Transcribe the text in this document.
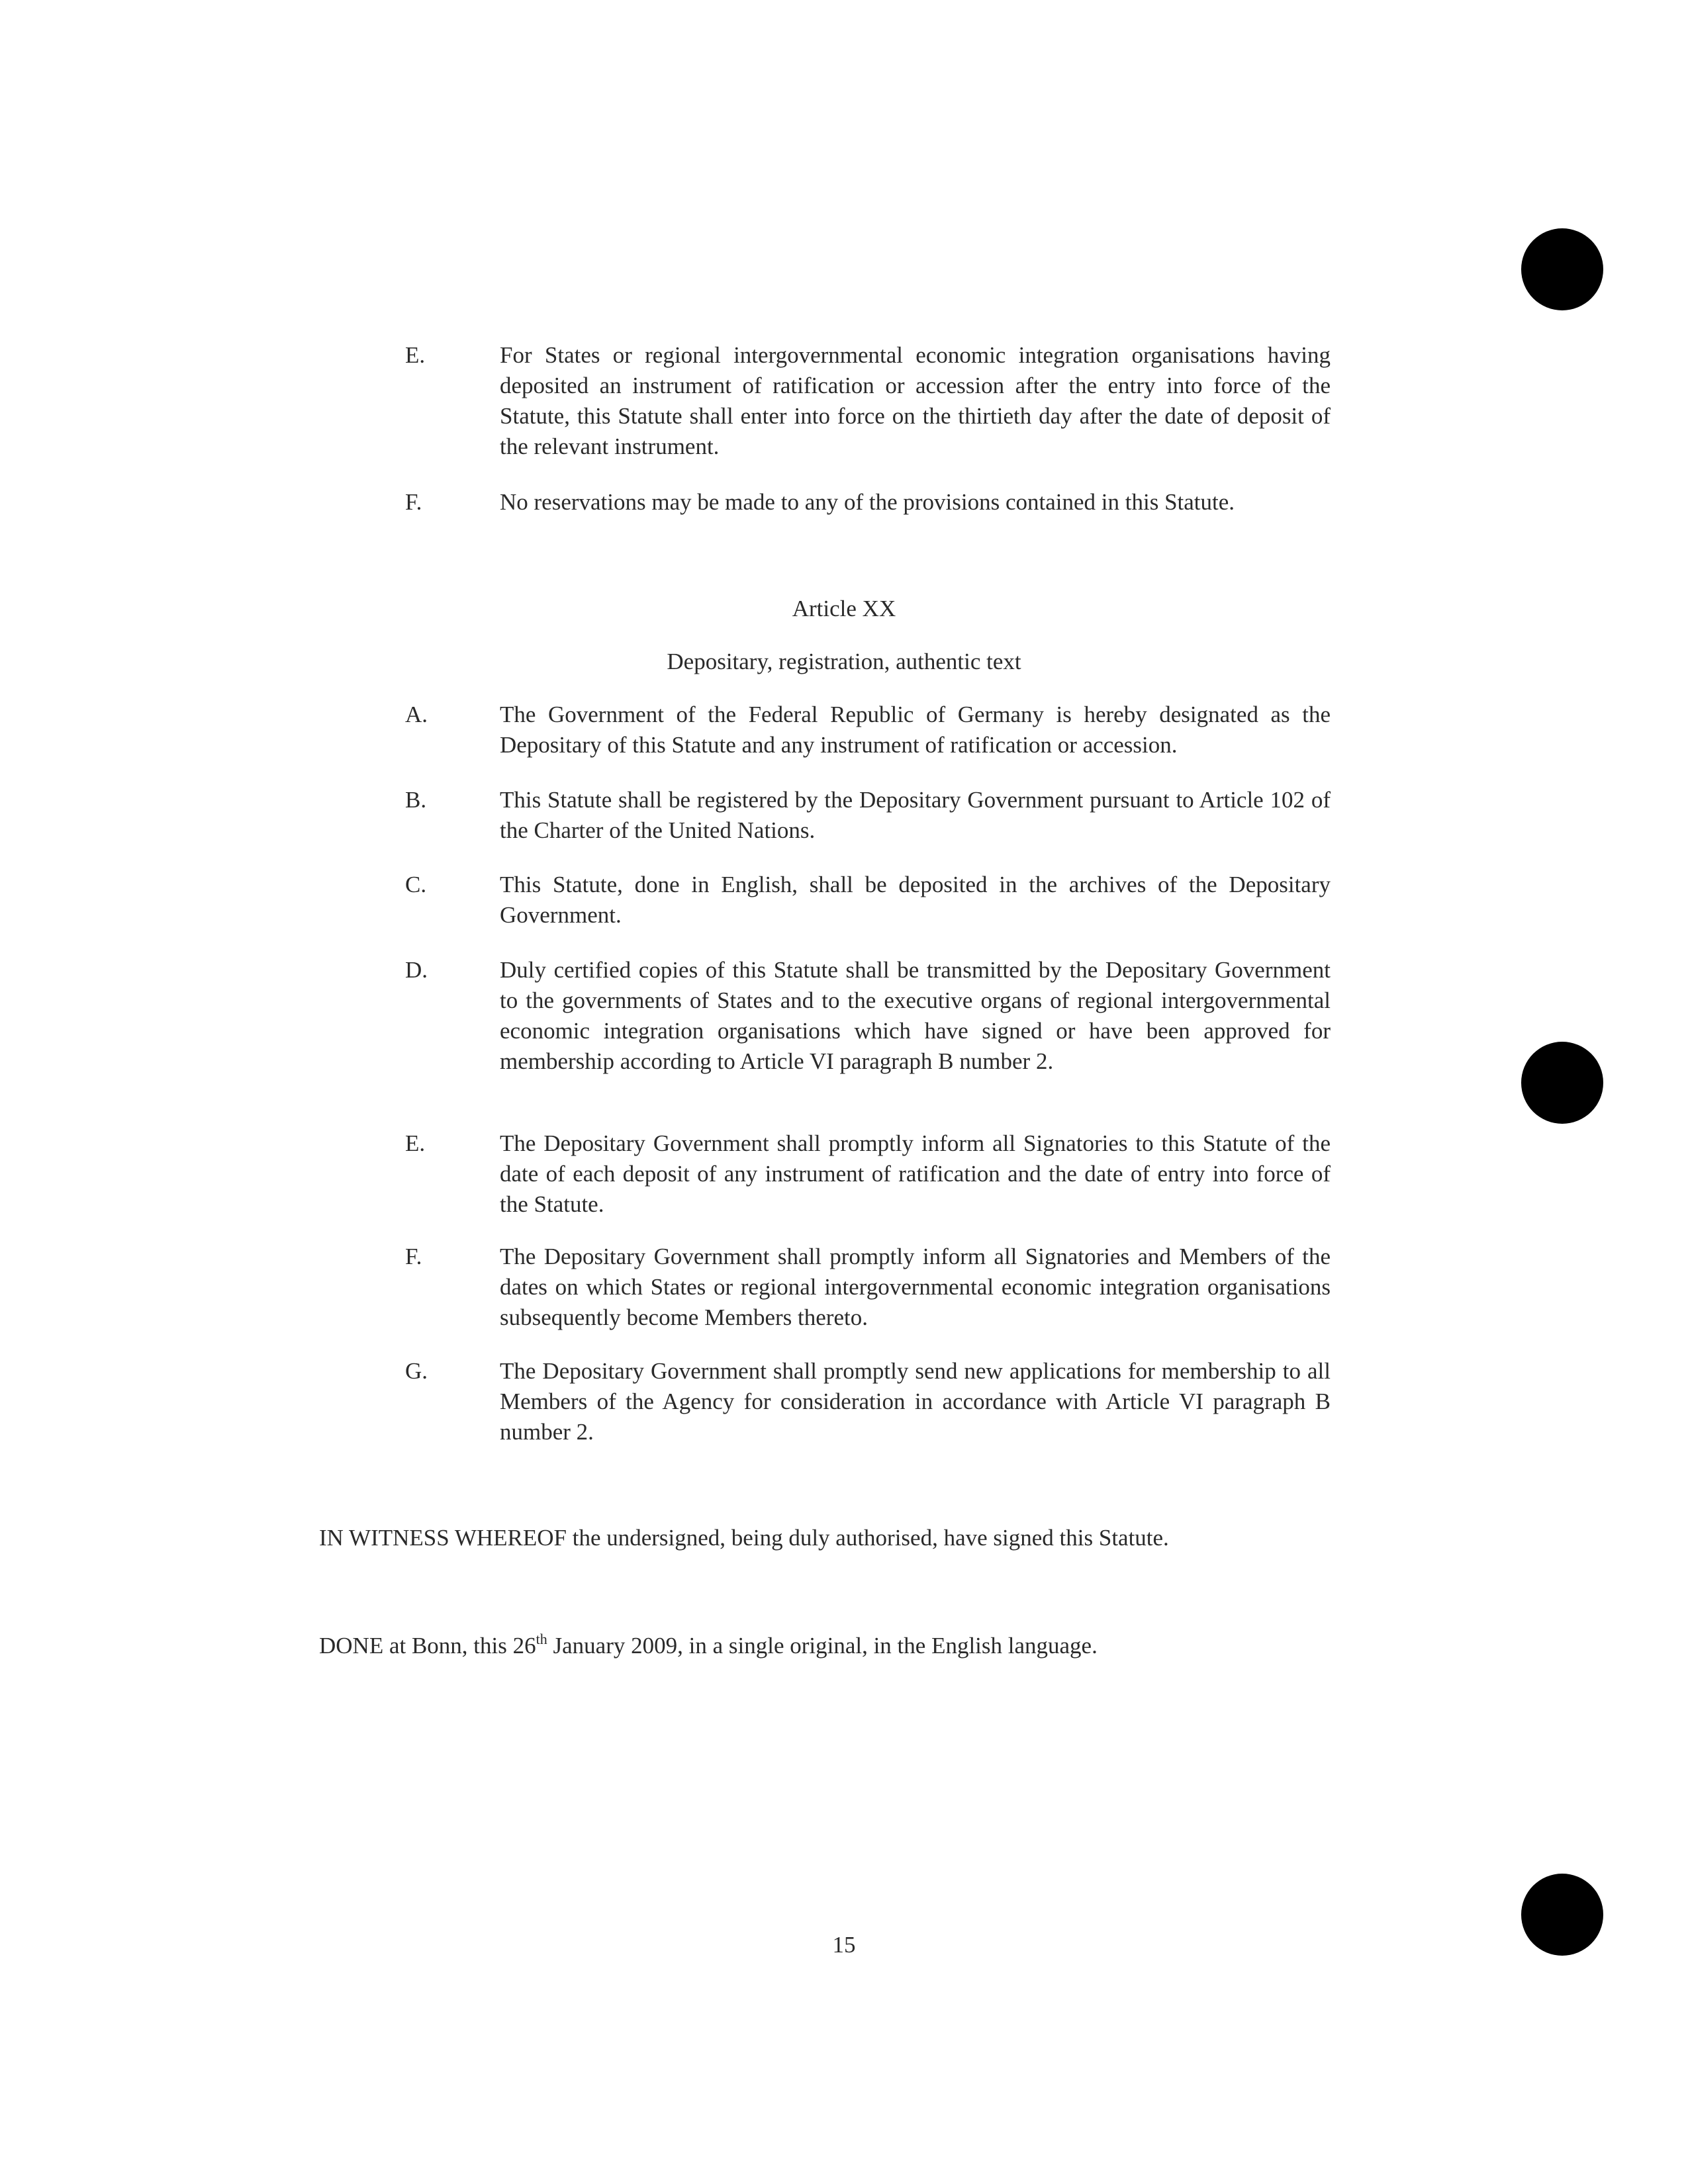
E.	For States or regional intergovernmental economic integration organisations having deposited an instrument of ratification or accession after the entry into force of the Statute, this Statute shall enter into force on the thirtieth day after the date of deposit of the relevant instrument.
F.	No reservations may be made to any of the provisions contained in this Statute.
Article XX
Depositary, registration, authentic text
A.	The Government of the Federal Republic of Germany is hereby designated as the Depositary of this Statute and any instrument of ratification or accession.
B.	This Statute shall be registered by the Depositary Government pursuant to Article 102 of the Charter of the United Nations.
C.	This Statute, done in English, shall be deposited in the archives of the Depositary Government.
D.	Duly certified copies of this Statute shall be transmitted by the Depositary Government to the governments of States and to the executive organs of regional intergovernmental economic integration organisations which have signed or have been approved for membership according to Article VI paragraph B number 2.
E.	The Depositary Government shall promptly inform all Signatories to this Statute of the date of each deposit of any instrument of ratification and the date of entry into force of the Statute.
F.	The Depositary Government shall promptly inform all Signatories and Members of the dates on which States or regional intergovernmental economic integration organisations subsequently become Members thereto.
G.	The Depositary Government shall promptly send new applications for membership to all Members of the Agency for consideration in accordance with Article VI paragraph B number 2.
IN WITNESS WHEREOF the undersigned, being duly authorised, have signed this Statute.
DONE at Bonn, this 26th January 2009, in a single original, in the English language.
15
